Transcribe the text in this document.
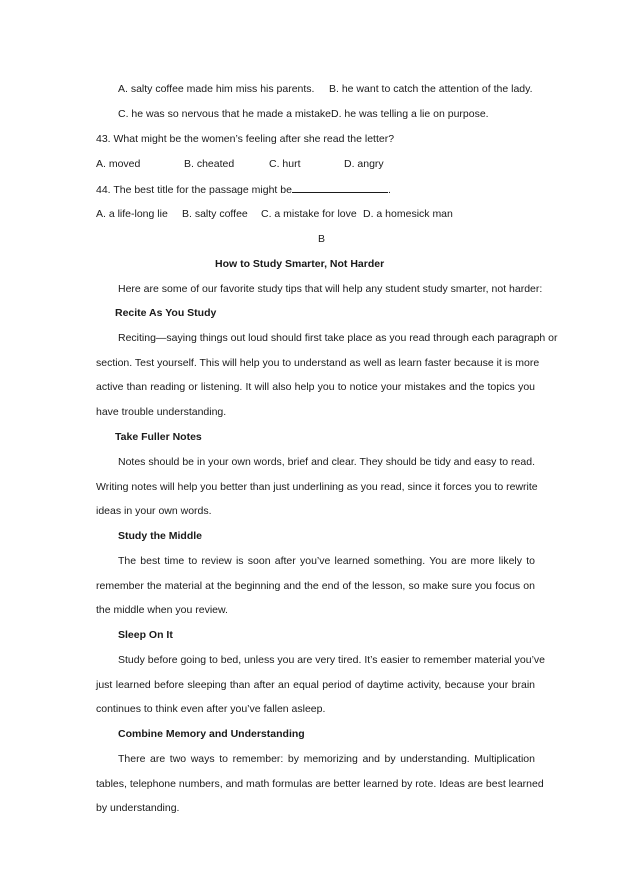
A. salty coffee made him miss his parents. B. he want to catch the attention of the lady.
C. he was so nervous that he made a mistake D. he was telling a lie on purpose.
43. What might be the women’s feeling after she read the letter?
A. moved	B. cheated	C. hurt	D. angry
44. The best title for the passage might be	.
A. a life-long lie B. salty coffee C. a mistake for love D. a homesick man
B
How to Study Smarter, Not Harder
Here are some of our favorite study tips that will help any student study smarter, not harder:
Recite As You Study
Reciting—saying things out loud should first take place as you read through each paragraph or
section. Test yourself. This will help you to understand as well as learn faster because it is more
active than reading or listening. It will also help you to notice your mistakes and the topics you
have trouble understanding.
Take Fuller Notes
Notes should be in your own words, brief and clear. They should be tidy and easy to read.
Writing notes will help you better than just underlining as you read, since it forces you to rewrite
ideas in your own words.
Study the Middle
The best time to review is soon after you’ve learned something. You are more likely to
remember the material at the beginning and the end of the lesson, so make sure you focus on
the middle when you review.
Sleep On It
Study before going to bed, unless you are very tired. It’s easier to remember material you’ve
just learned before sleeping than after an equal period of daytime activity, because your brain
continues to think even after you’ve fallen asleep.
Combine Memory and Understanding
There are two ways to remember: by memorizing and by understanding. Multiplication
tables, telephone numbers, and math formulas are better learned by rote. Ideas are best learned
by understanding.
